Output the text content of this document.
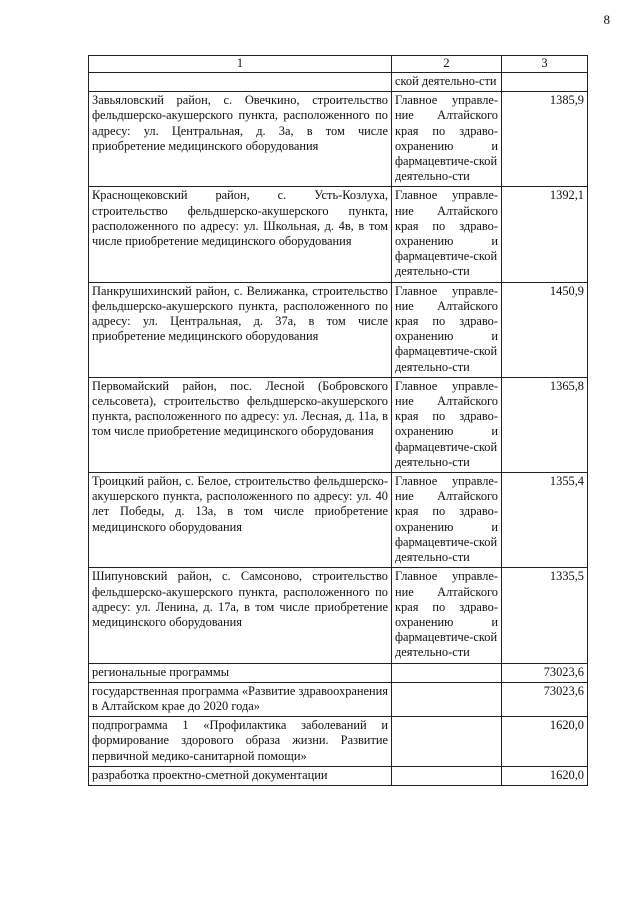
8
1	2	3
	ской деятельно-сти	
Завьяловский район, с. Овечкино, строительство фельдшерско-акушерского пункта, расположенного по адресу: ул. Центральная, д. 3а, в том числе приобретение медицинского оборудования	Главное управле-ние Алтайского края по здраво-охранению и фармацевтиче-ской деятельно-сти	1385,9
Краснощековский район, с. Усть-Козлуха, строительство фельдшерско-акушерского пункта, расположенного по адресу: ул. Школьная, д. 4в, в том числе приобретение медицинского оборудования	Главное управле-ние Алтайского края по здраво-охранению и фармацевтиче-ской деятельно-сти	1392,1
Панкрушихинский район, с. Велижанка, строительство фельдшерско-акушерского пункта, расположенного по адресу: ул. Центральная, д. 37а, в том числе приобретение медицинского оборудования	Главное управле-ние Алтайского края по здраво-охранению и фармацевтиче-ской деятельно-сти	1450,9
Первомайский район, пос. Лесной (Бобровского сельсовета), строительство фельдшерско-акушерского пункта, расположенного по адресу: ул. Лесная, д. 11а, в том числе приобретение медицинского оборудования	Главное управле-ние Алтайского края по здраво-охранению и фармацевтиче-ской деятельно-сти	1365,8
Троицкий район, с. Белое, строительство фельдшерско-акушерского пункта, расположенного по адресу: ул. 40 лет Победы, д. 13а, в том числе приобретение медицинского оборудования	Главное управле-ние Алтайского края по здраво-охранению и фармацевтиче-ской деятельно-сти	1355,4
Шипуновский район, с. Самсоново, строительство фельдшерско-акушерского пункта, расположенного по адресу: ул. Ленина, д. 17а, в том числе приобретение медицинского оборудования	Главное управле-ние Алтайского края по здраво-охранению и фармацевтиче-ской деятельно-сти	1335,5
региональные программы		73023,6
государственная программа «Развитие здравоохранения в Алтайском крае до 2020 года»		73023,6
подпрограмма 1 «Профилактика заболеваний и формирование здорового образа жизни. Развитие первичной медико-санитарной помощи»		1620,0
разработка проектно-сметной документации		1620,0
